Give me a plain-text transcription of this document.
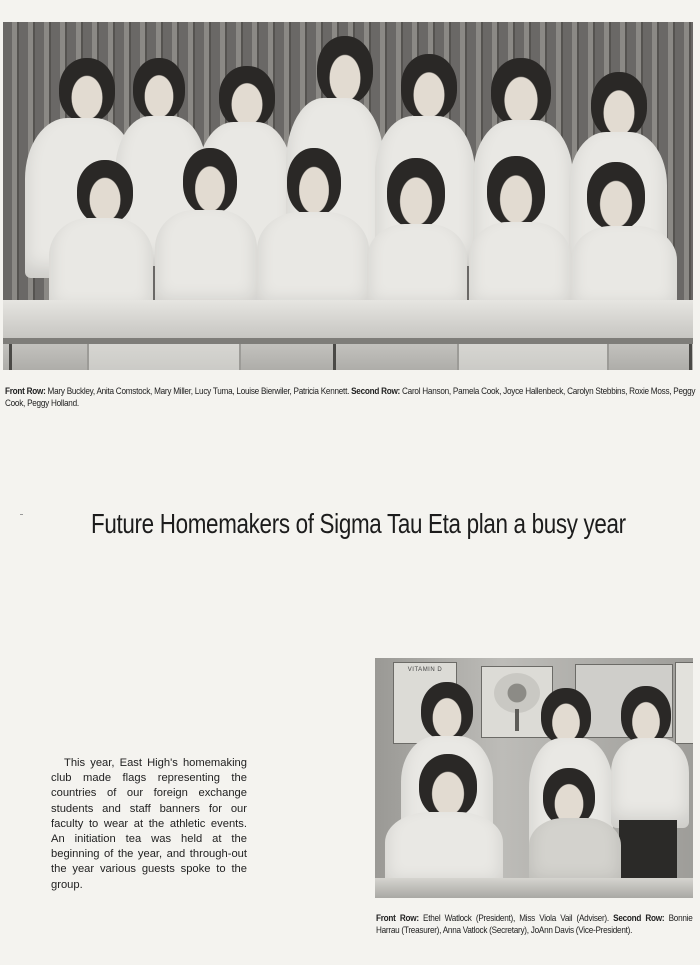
Front Row: Mary Buckley, Anita Comstock, Mary Miller, Lucy Tuma, Louise Bierwiler, Patricia Kennett. Second Row: Carol Hanson, Pamela Cook, Joyce Hallenbeck, Carolyn Stebbins, Roxie Moss, Peggy Cook, Peggy Holland.
Future Homemakers of Sigma Tau Eta plan a busy year

This year, East High's homemaking club made flags representing the countries of our foreign exchange students and staff banners for our faculty to wear at the athletic events. An initiation tea was held at the beginning of the year, and through-out the year various guests spoke to the group.

VITAMIN D
Front Row: Ethel Watlock (President), Miss Viola Vail (Adviser). Second Row: Bonnie Harrau (Treasurer), Anna Vatlock (Secretary), JoAnn Davis (Vice-President).
